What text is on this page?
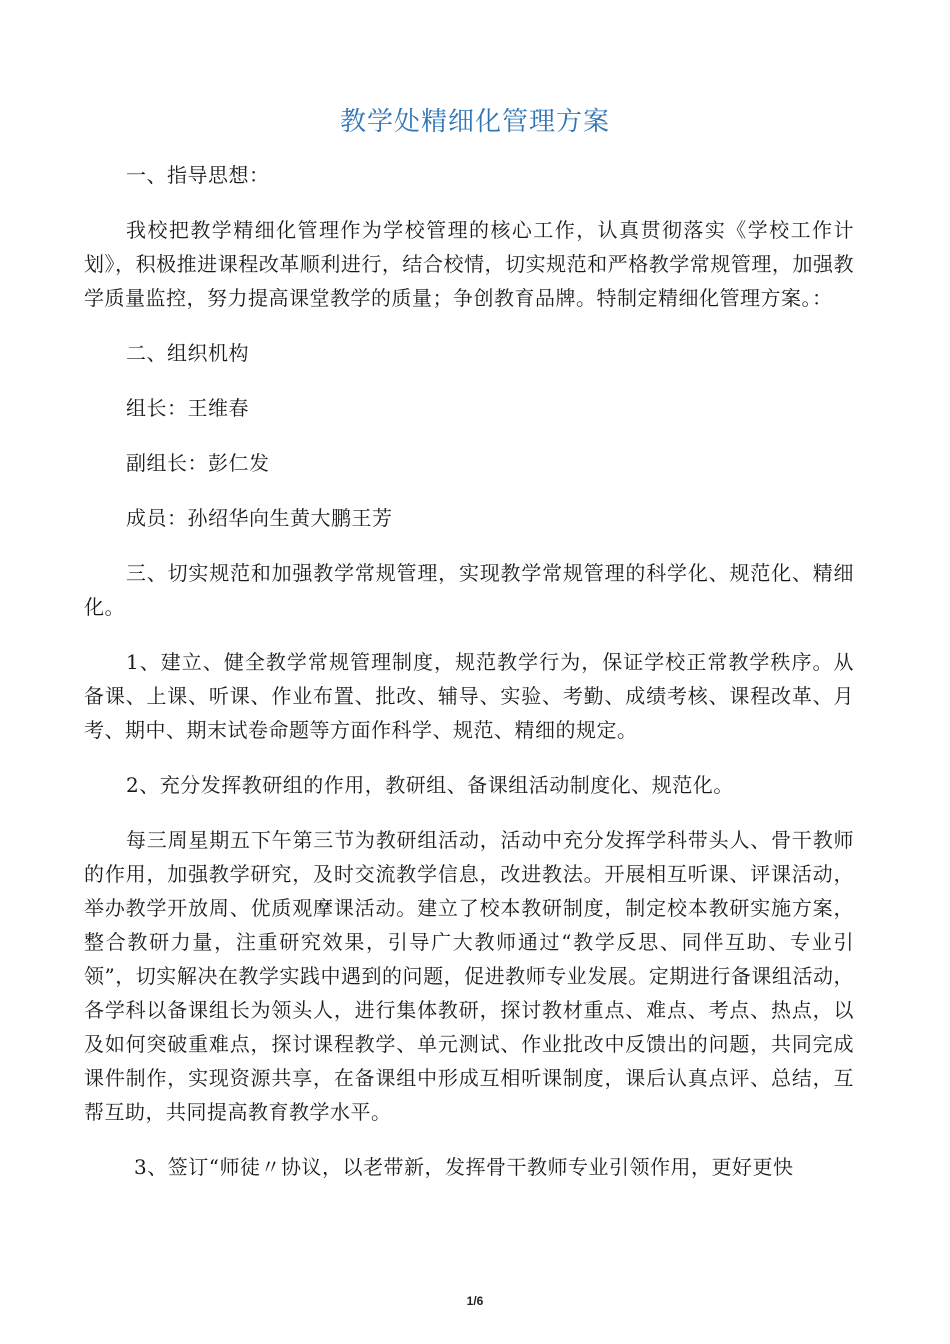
教学处精细化管理方案

一、指导思想：

我校把教学精细化管理作为学校管理的核心工作，认真贯彻落实《学校工作计划》，积极推进课程改革顺利进行，结合校情，切实规范和严格教学常规管理，加强教学质量监控，努力提高课堂教学的质量；争创教育品牌。特制定精细化管理方案。：

二、组织机构

组长：王维春

副组长：彭仁发

成员：孙绍华向生黄大鹏王芳

三、切实规范和加强教学常规管理，实现教学常规管理的科学化、规范化、精细化。

1、建立、健全教学常规管理制度，规范教学行为，保证学校正常教学秩序。从备课、上课、听课、作业布置、批改、辅导、实验、考勤、成绩考核、课程改革、月考、期中、期末试卷命题等方面作科学、规范、精细的规定。

2、充分发挥教研组的作用，教研组、备课组活动制度化、规范化。

每三周星期五下午第三节为教研组活动，活动中充分发挥学科带头人、骨干教师的作用，加强教学研究，及时交流教学信息，改进教法。开展相互听课、评课活动，举办教学开放周、优质观摩课活动。建立了校本教研制度，制定校本教研实施方案，整合教研力量，注重研究效果，引导广大教师通过“教学反思、同伴互助、专业引领”，切实解决在教学实践中遇到的问题，促进教师专业发展。定期进行备课组活动，各学科以备课组长为领头人，进行集体教研，探讨教材重点、难点、考点、热点，以及如何突破重难点，探讨课程教学、单元测试、作业批改中反馈出的问题，共同完成课件制作，实现资源共享，在备课组中形成互相听课制度，课后认真点评、总结，互帮互助，共同提高教育教学水平。

3、签订“师徒〃协议，以老带新，发挥骨干教师专业引领作用，更好更快

1/6
